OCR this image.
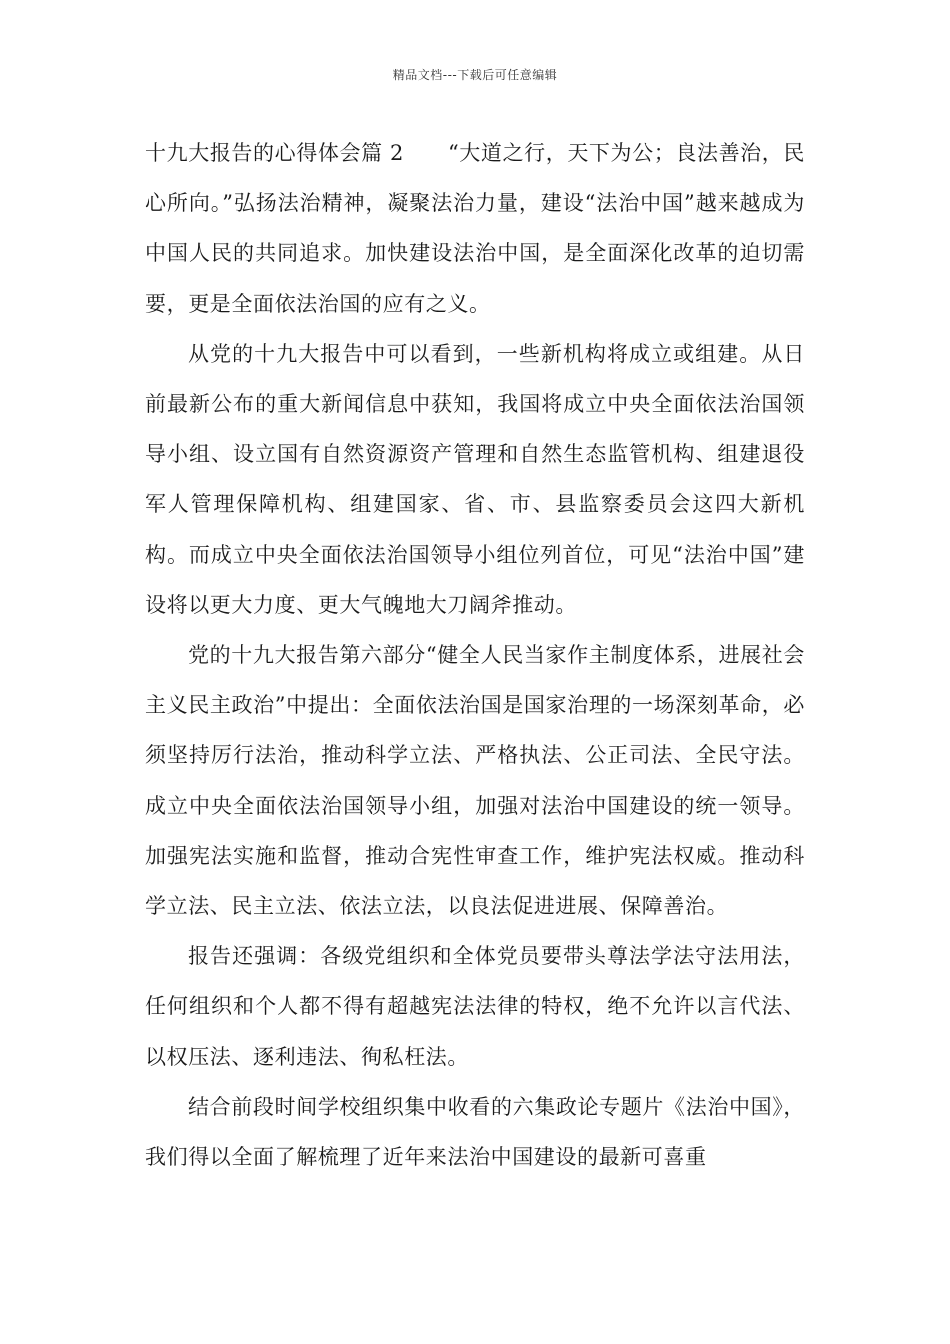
精品文档---下载后可任意编辑

十九大报告的心得体会篇 2 “大道之行，天下为公；良法善治，民心所向。”弘扬法治精神，凝聚法治力量，建设“法治中国”越来越成为中国人民的共同追求。加快建设法治中国，是全面深化改革的迫切需要，更是全面依法治国的应有之义。

从党的十九大报告中可以看到，一些新机构将成立或组建。从日前最新公布的重大新闻信息中获知，我国将成立中央全面依法治国领导小组、设立国有自然资源资产管理和自然生态监管机构、组建退役军人管理保障机构、组建国家、省、市、县监察委员会这四大新机构。而成立中央全面依法治国领导小组位列首位，可见“法治中国”建设将以更大力度、更大气魄地大刀阔斧推动。

党的十九大报告第六部分“健全人民当家作主制度体系，进展社会主义民主政治”中提出：全面依法治国是国家治理的一场深刻革命，必须坚持厉行法治，推动科学立法、严格执法、公正司法、全民守法。成立中央全面依法治国领导小组，加强对法治中国建设的统一领导。加强宪法实施和监督，推动合宪性审查工作，维护宪法权威。推动科学立法、民主立法、依法立法，以良法促进进展、保障善治。

报告还强调：各级党组织和全体党员要带头尊法学法守法用法，任何组织和个人都不得有超越宪法法律的特权，绝不允许以言代法、以权压法、逐利违法、徇私枉法。

结合前段时间学校组织集中收看的六集政论专题片《法治中国》，我们得以全面了解梳理了近年来法治中国建设的最新可喜重
